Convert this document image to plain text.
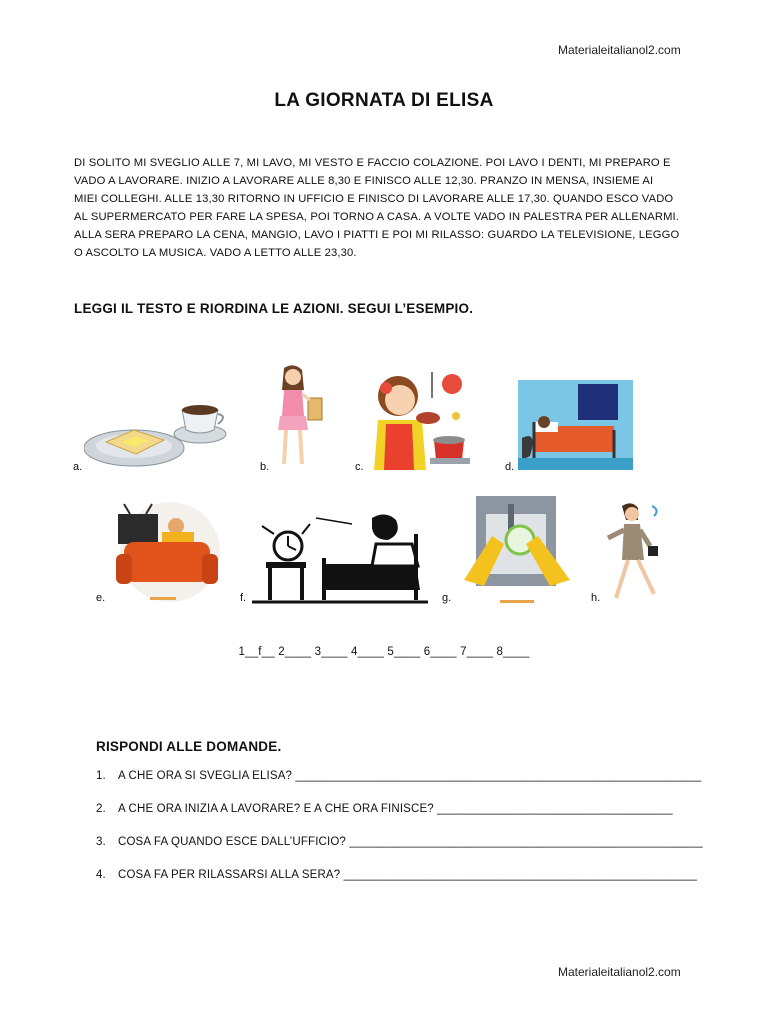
Materialeitalianol2.com
LA GIORNATA DI ELISA

DI SOLITO MI SVEGLIO ALLE 7, MI LAVO, MI VESTO E FACCIO COLAZIONE. POI LAVO I DENTI, MI PREPARO E

VADO A LAVORARE. INIZIO A LAVORARE ALLE 8,30 E FINISCO ALLE 12,30. PRANZO IN MENSA, INSIEME AI

MIEI COLLEGHI. ALLE 13,30 RITORNO IN UFFICIO E FINISCO DI LAVORARE ALLE 17,30. QUANDO ESCO VADO

AL SUPERMERCATO PER FARE LA SPESA, POI TORNO A CASA. A VOLTE VADO IN PALESTRA PER ALLENARMI.

ALLA SERA PREPARO LA CENA, MANGIO, LAVO I PIATTI E POI MI RILASSO: GUARDO LA TELEVISIONE, LEGGO

O ASCOLTO LA MUSICA. VADO A LETTO ALLE 23,30.

LEGGI IL TESTO E RIORDINA LE AZIONI. SEGUI L’ESEMPIO.
a.	b.	c.	d.
e.	f.	g.	h.
1__f__ 2____ 3____ 4____ 5____ 6____ 7____ 8____
RISPONDI ALLE DOMANDE.
1. A CHE ORA SI SVEGLIA ELISA? ______________________________________________________________
2. A CHE ORA INIZIA A LAVORARE? E A CHE ORA FINISCE? ____________________________________
3. COSA FA QUANDO ESCE DALL’UFFICIO? ______________________________________________________
4. COSA FA PER RILASSARSI ALLA SERA? ______________________________________________________
Materialeitalianol2.com
